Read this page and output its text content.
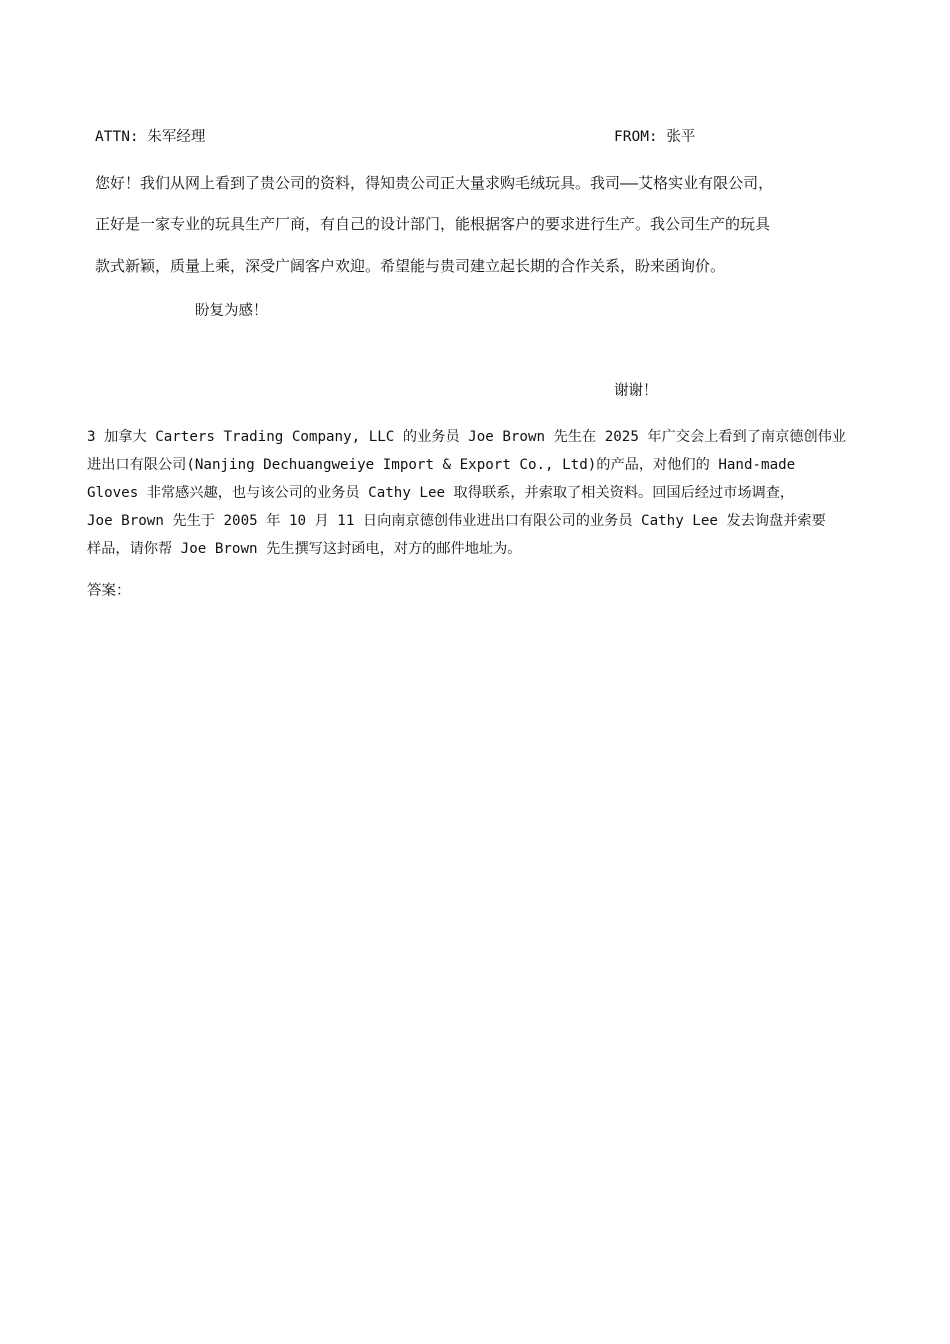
ATTN: 朱军经理	FROM: 张平
您好！我们从网上看到了贵公司的资料，得知贵公司正大量求购毛绒玩具。我司——艾格实业有限公司，
正好是一家专业的玩具生产厂商，有自己的设计部门，能根据客户的要求进行生产。我公司生产的玩具
款式新颖，质量上乘，深受广阔客户欢迎。希望能与贵司建立起长期的合作关系，盼来函询价。
盼复为感！
谢谢！
3 加拿大 Carters Trading Company, LLC 的业务员 Joe Brown 先生在 2025 年广交会上看到了南京德创伟业
进出口有限公司(Nanjing Dechuangweiye Import & Export Co., Ltd)的产品，对他们的 Hand-made
Gloves 非常感兴趣，也与该公司的业务员 Cathy Lee 取得联系，并索取了相关资料。回国后经过市场调查，
Joe Brown 先生于 2005 年 10 月 11 日向南京德创伟业进出口有限公司的业务员 Cathy Lee 发去询盘并索要
样品，请你帮 Joe Brown 先生撰写这封函电，对方的邮件地址为。
答案：
